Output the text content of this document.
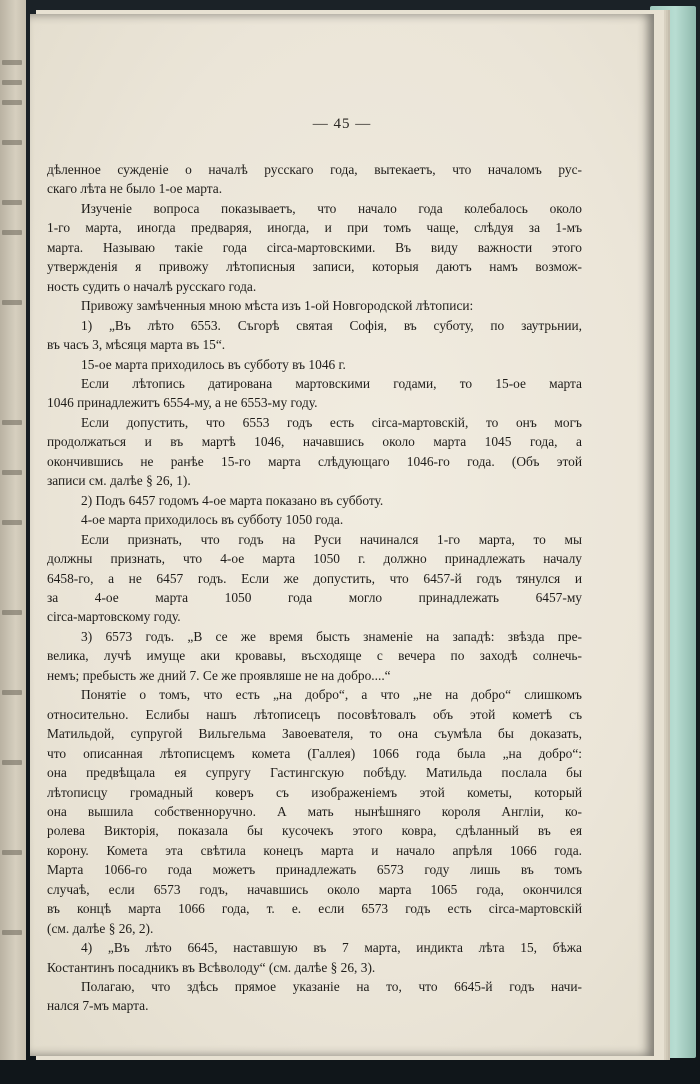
— 45 —
дѣленное сужденіе о началѣ русскаго года, вытекаетъ, что началомъ рус-
скаго лѣта не было 1-ое марта.
Изученіе вопроса показываетъ, что начало года колебалось около
1-го марта, иногда предваряя, иногда, и при томъ чаще, слѣдуя за 1-мъ
марта. Называю такіе года circa-мартовскими. Въ виду важности этого
утвержденія я привожу лѣтописныя записи, которыя даютъ намъ возмож-
ность судить о началѣ русскаго года.
Привожу замѣченныя мною мѣста изъ 1-ой Новгородской лѣтописи:
1) „Въ лѣто 6553. Съгорѣ святая Софія, въ суботу, по заутрьнии,
въ часъ 3, мѣсяця марта въ 15“.
15-ое марта приходилось въ субботу въ 1046 г.
Если лѣтопись датирована мартовскими годами, то 15-ое марта
1046 принадлежитъ 6554-му, а не 6553-му году.
Если допустить, что 6553 годъ есть circa-мартовскій, то онъ могъ
продолжаться и въ мартѣ 1046, начавшись около марта 1045 года, а
окончившись не ранѣе 15-го марта слѣдующаго 1046-го года. (Объ этой
записи см. далѣе § 26, 1).
2) Подъ 6457 годомъ 4-ое марта показано въ субботу.
4-ое марта приходилось въ субботу 1050 года.
Если признать, что годъ на Руси начинался 1-го марта, то мы
должны признать, что 4-ое марта 1050 г. должно принадлежать началу
6458-го, а не 6457 годъ. Если же допустить, что 6457-й годъ тянулся и
за 4-ое марта 1050 года могло принадлежать 6457-му
circa-мартовскому году.
3) 6573 годъ. „В се же время бысть знаменіе на западѣ: звѣзда пре-
велика, лучѣ имуще аки кровавы, въсходяще с вечера по заходѣ солнечь-
немъ; пребысть же дний 7. Се же проявляше не на добро....“
Понятіе о томъ, что есть „на добро“, а что „не на добро“ слишкомъ
относительно. Еслибы нашъ лѣтописецъ посовѣтовалъ объ этой кометѣ съ
Матильдой, супругой Вильгельма Завоевателя, то она съумѣла бы доказать,
что описанная лѣтописцемъ комета (Галлея) 1066 года была „на добро“:
она предвѣщала ея супругу Гастингскую побѣду. Матильда послала бы
лѣтописцу громадный коверъ съ изображеніемъ этой кометы, который
она вышила собственноручно. А мать нынѣшняго короля Англіи, ко-
ролева Викторія, показала бы кусочекъ этого ковра, сдѣланный въ ея
корону. Комета эта свѣтила конецъ марта и начало апрѣля 1066 года.
Марта 1066-го года можетъ принадлежать 6573 году лишь въ томъ
случаѣ, если 6573 годъ, начавшись около марта 1065 года, окончился
въ концѣ марта 1066 года, т. е. если 6573 годъ есть circa-мартовскій
(см. далѣе § 26, 2).
4) „Въ лѣто 6645, наставшую въ 7 марта, индикта лѣта 15, бѣжа
Костантинъ посадникъ въ Всѣволоду“ (см. далѣе § 26, 3).
Полагаю, что здѣсь прямое указаніе на то, что 6645-й годъ начи-
нался 7-мъ марта.
